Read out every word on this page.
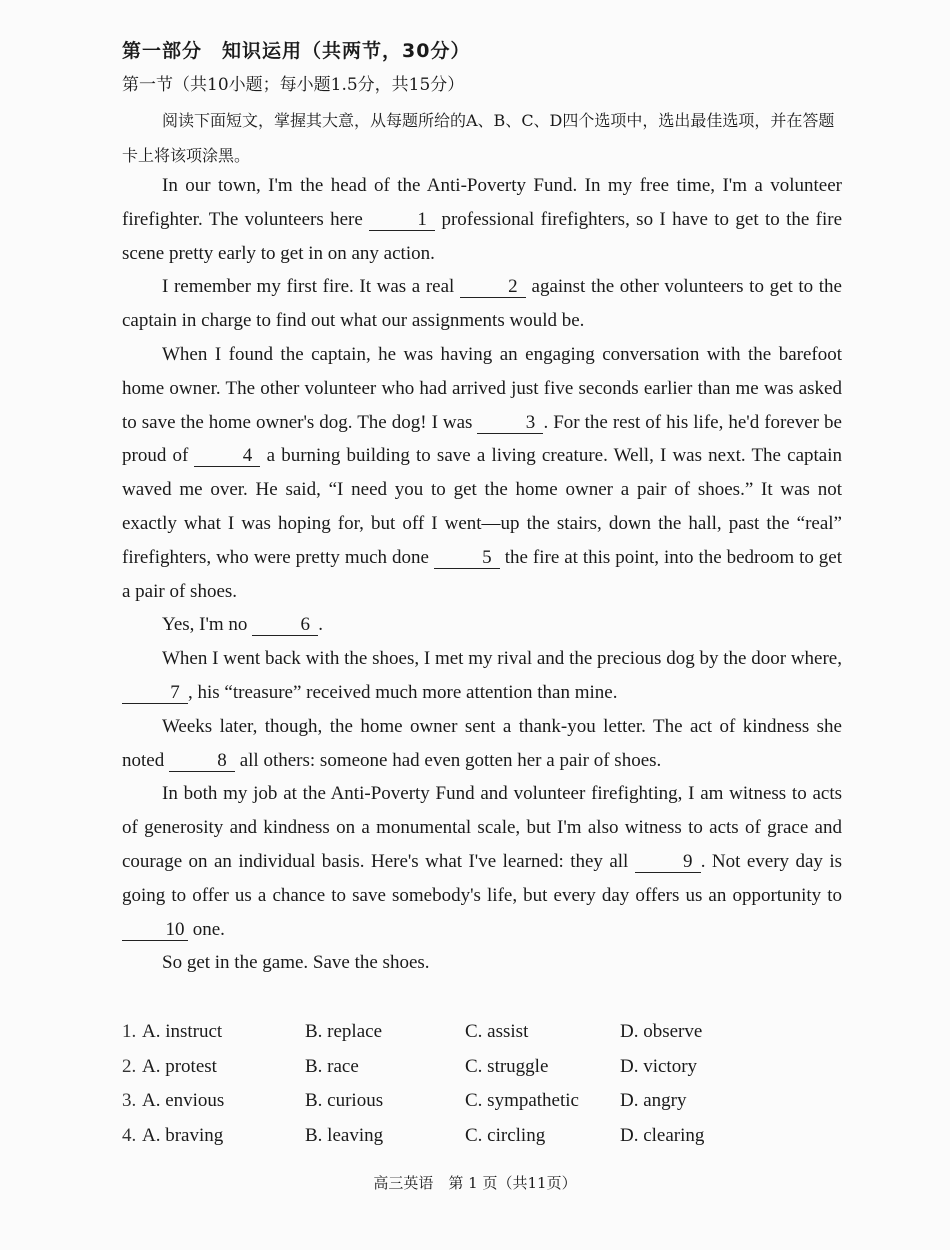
第一部分　知识运用（共两节，30分）
第一节（共10小题；每小题1.5分，共15分）
阅读下面短文，掌握其大意，从每题所给的A、B、C、D四个选项中，选出最佳选项，并在答题卡上将该项涂黑。

In our town, I'm the head of the Anti-Poverty Fund. In my free time, I'm a volunteer firefighter. The volunteers here	1 professional firefighters, so I have to get to the fire scene pretty early to get in on any action.

I remember my first fire. It was a real	2 against the other volunteers to get to the captain in charge to find out what our assignments would be.

When I found the captain, he was having an engaging conversation with the barefoot home owner. The other volunteer who had arrived just five seconds earlier than me was asked to save the home owner's dog. The dog! I was	3 . For the rest of his life, he'd forever be proud of	4 a burning building to save a living creature. Well, I was next. The captain waved me over. He said, “I need you to get the home owner a pair of shoes.” It was not exactly what I was hoping for, but off I went—up the stairs, down the hall, past the “real” firefighters, who were pretty much done	5 the fire at this point, into the bedroom to get a pair of shoes.

Yes, I'm no	6 .

When I went back with the shoes, I met my rival and the precious dog by the door where, 7 , his “treasure” received much more attention than mine.

Weeks later, though, the home owner sent a thank-you letter. The act of kindness she noted	8 all others: someone had even gotten her a pair of shoes.

In both my job at the Anti-Poverty Fund and volunteer firefighting, I am witness to acts of generosity and kindness on a monumental scale, but I'm also witness to acts of grace and courage on an individual basis. Here's what I've learned: they all	9 . Not every day is going to offer us a chance to save somebody's life, but every day offers us an opportunity to 10 one.

So get in the game. Save the shoes.

1. A. instruct	B. replace	C. assist	D. observe
2. A. protest	B. race	C. struggle	D. victory
3. A. envious	B. curious	C. sympathetic	D. angry
4. A. braving	B. leaving	C. circling	D. clearing
高三英语　第 1 页（共11页）
